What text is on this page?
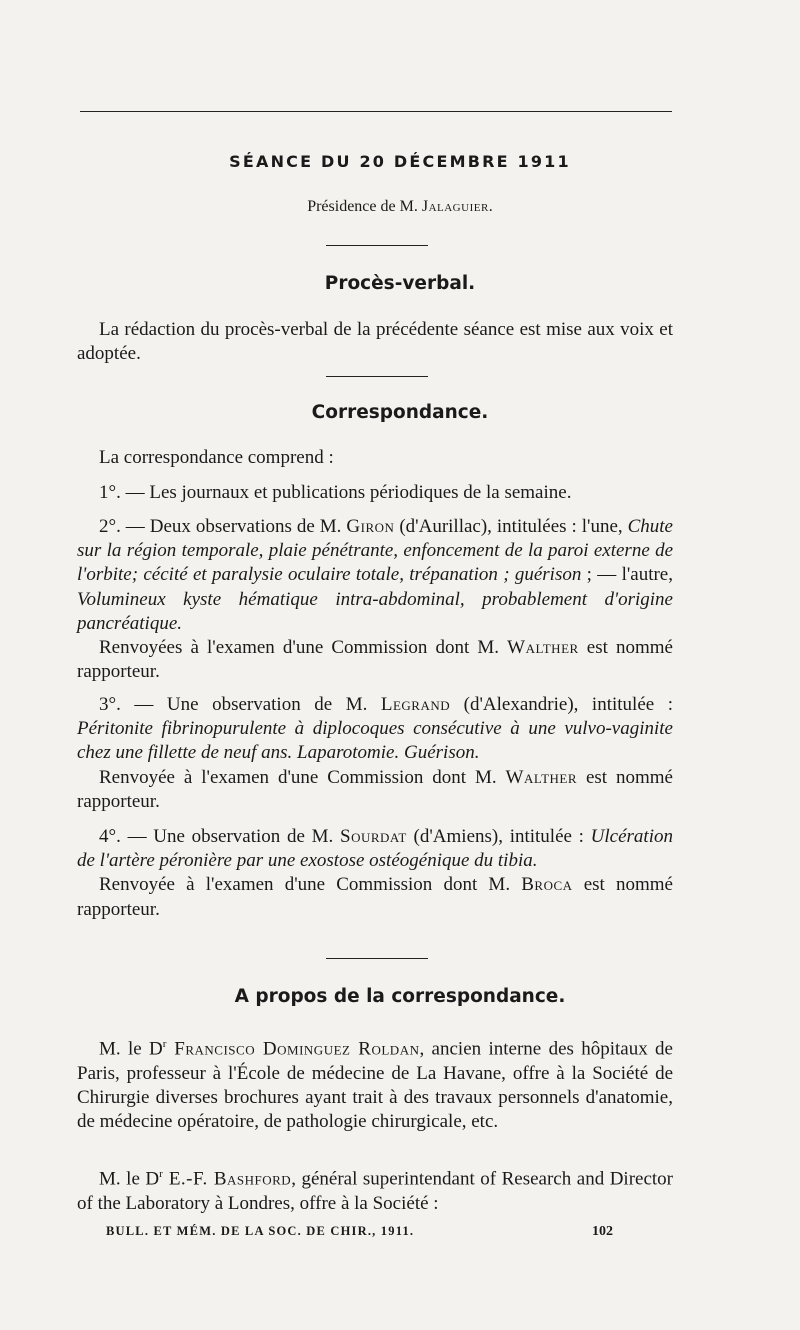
SÉANCE DU 20 DÉCEMBRE 1911
Présidence de M. Jalaguier.
Procès-verbal.
La rédaction du procès-verbal de la précédente séance est mise aux voix et adoptée.
Correspondance.
La correspondance comprend :
1°. — Les journaux et publications périodiques de la semaine.
2°. — Deux observations de M. Giron (d'Aurillac), intitulées : l'une, Chute sur la région temporale, plaie pénétrante, enfoncement de la paroi externe de l'orbite; cécité et paralysie oculaire totale, trépanation ; guérison ; — l'autre, Volumineux kyste hématique intra-abdominal, probablement d'origine pancréatique.
Renvoyées à l'examen d'une Commission dont M. Walther est nommé rapporteur.
3°. — Une observation de M. Legrand (d'Alexandrie), intitulée : Péritonite fibrinopurulente à diplocoques consécutive à une vulvo-vaginite chez une fillette de neuf ans. Laparotomie. Guérison.
Renvoyée à l'examen d'une Commission dont M. Walther est nommé rapporteur.
4°. — Une observation de M. Sourdat (d'Amiens), intitulée : Ulcération de l'artère péronière par une exostose ostéogénique du tibia.
Renvoyée à l'examen d'une Commission dont M. Broca est nommé rapporteur.
A propos de la correspondance.
M. le $D^r$ Francisco Dominguez Roldan, ancien interne des hôpitaux de Paris, professeur à l'École de médecine de La Havane, offre à la Société de Chirurgie diverses brochures ayant trait à des travaux personnels d'anatomie, de médecine opératoire, de pathologie chirurgicale, etc.
M. le $D^r$ E.-F. Bashford, général superintendant of Research and Director of the Laboratory à Londres, offre à la Société :
BULL. ET MÉM. DE LA SOC. DE CHIR., 1911.	102
